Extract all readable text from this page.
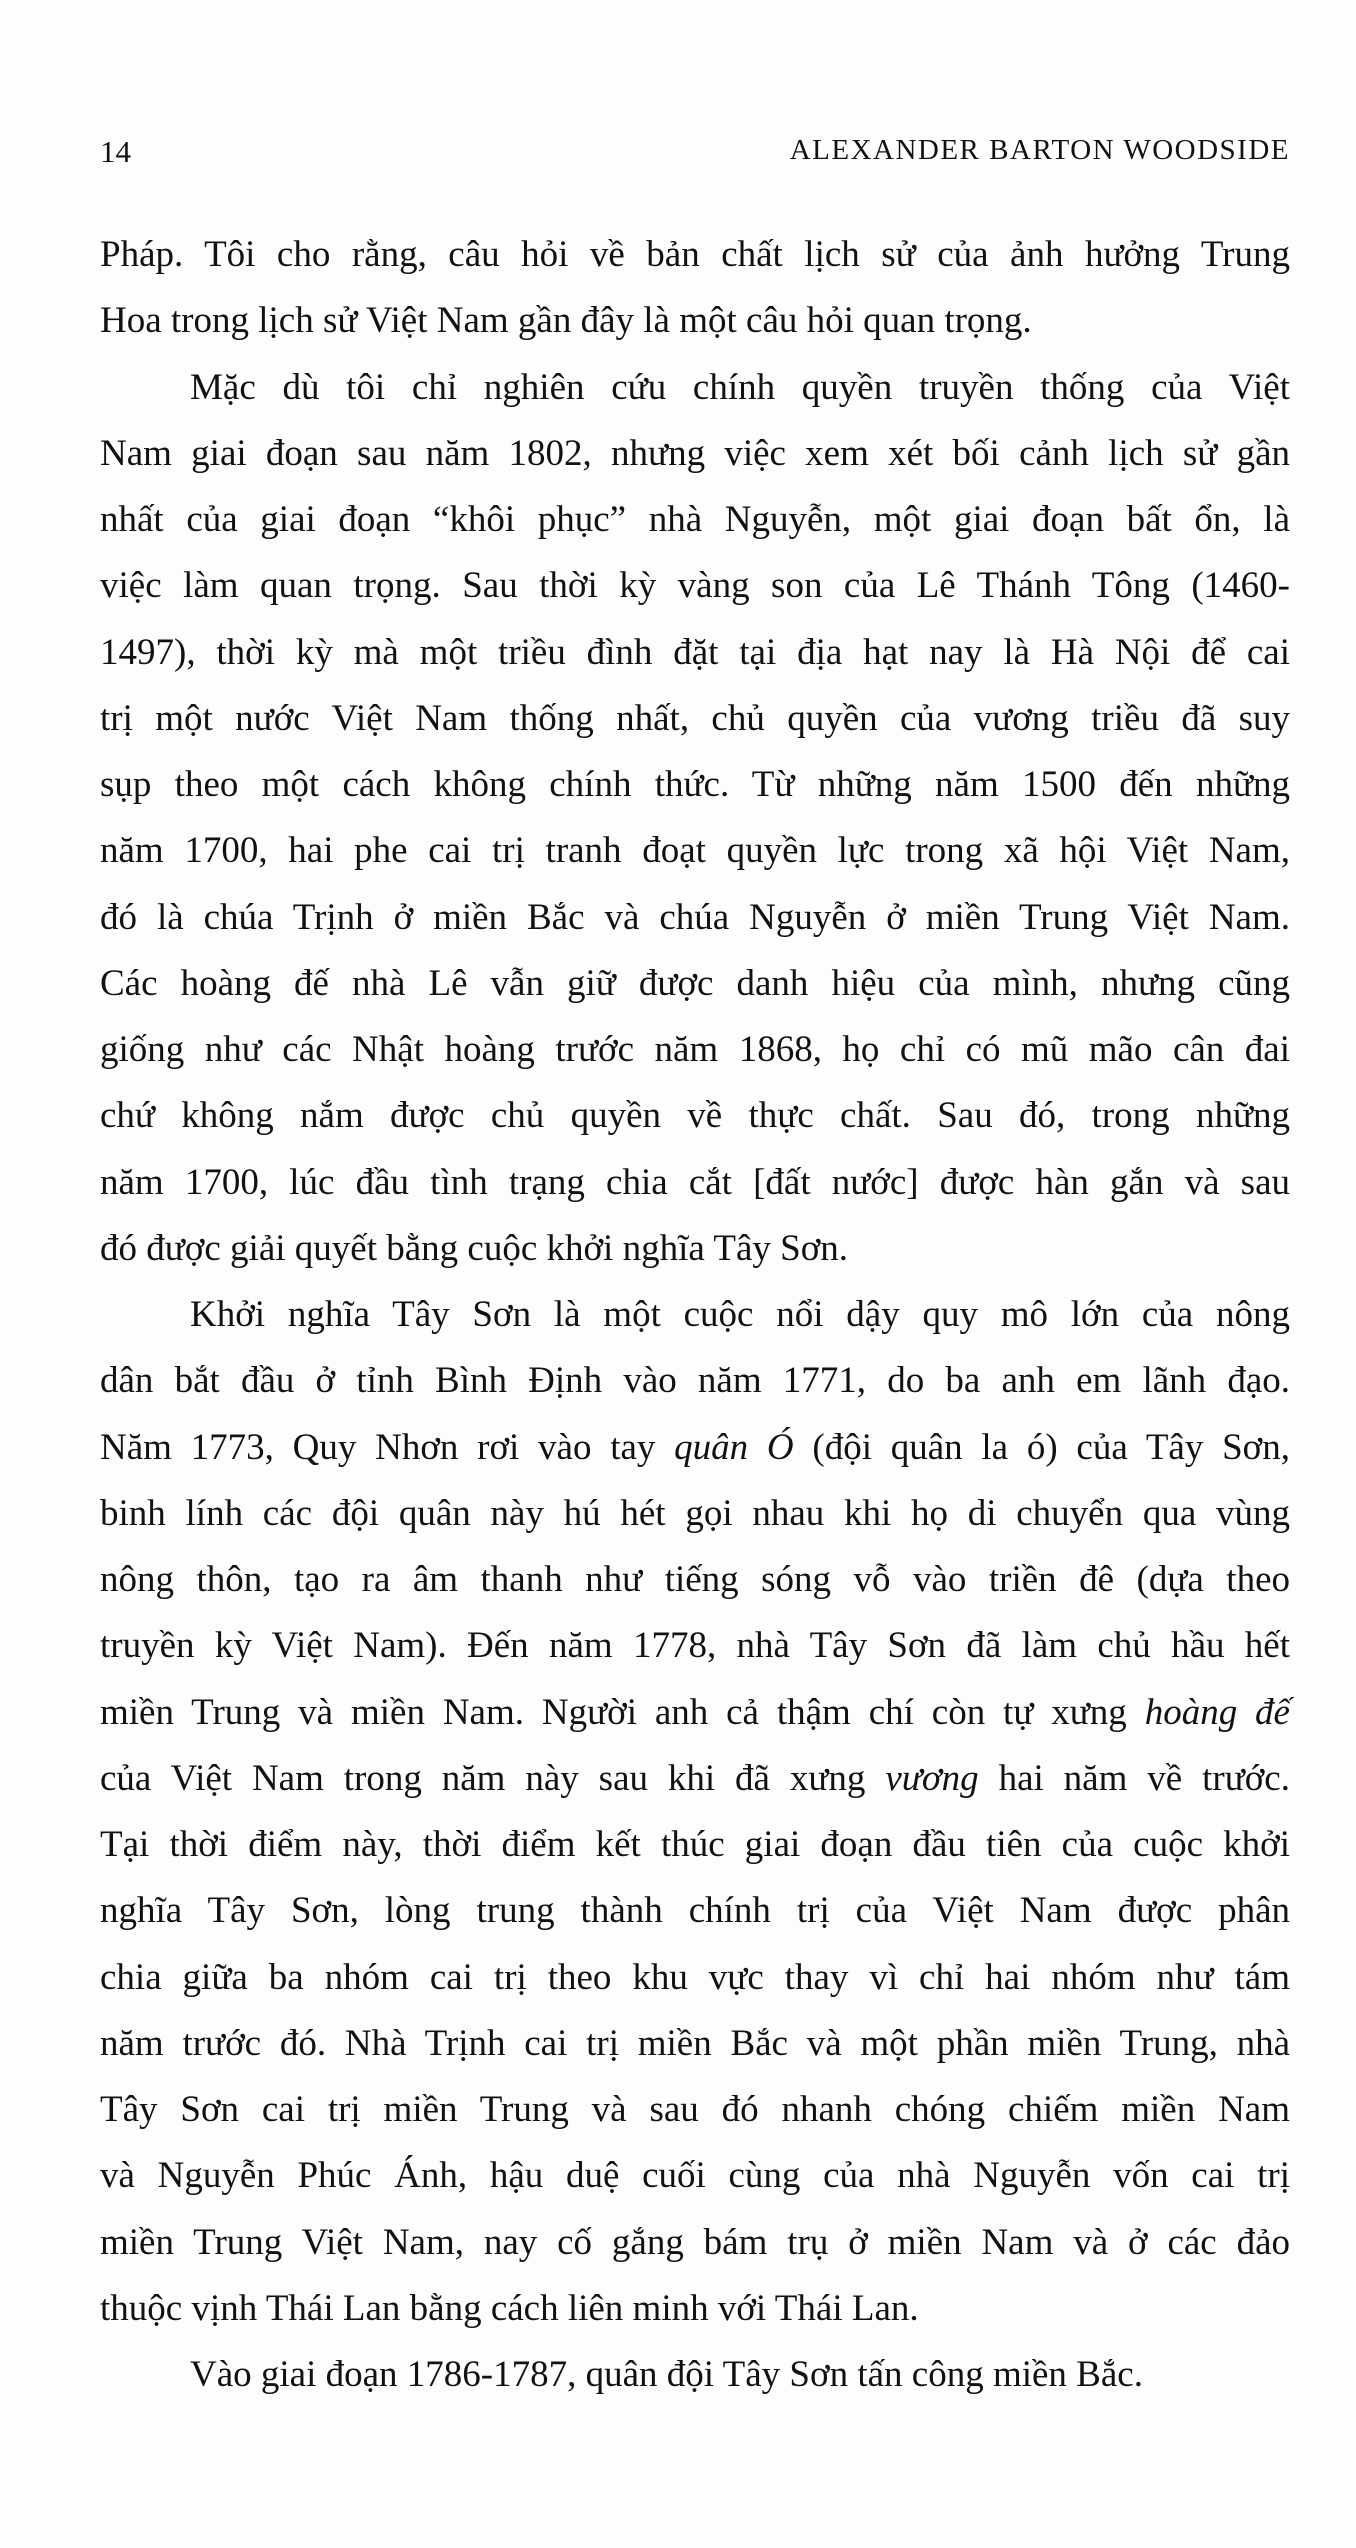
14	ALEXANDER BARTON WOODSIDE
Pháp. Tôi cho rằng, câu hỏi về bản chất lịch sử của ảnh hưởng Trung
Hoa trong lịch sử Việt Nam gần đây là một câu hỏi quan trọng.
Mặc dù tôi chỉ nghiên cứu chính quyền truyền thống của Việt
Nam giai đoạn sau năm 1802, nhưng việc xem xét bối cảnh lịch sử gần
nhất của giai đoạn “khôi phục” nhà Nguyễn, một giai đoạn bất ổn, là
việc làm quan trọng. Sau thời kỳ vàng son của Lê Thánh Tông (1460-
1497), thời kỳ mà một triều đình đặt tại địa hạt nay là Hà Nội để cai
trị một nước Việt Nam thống nhất, chủ quyền của vương triều đã suy
sụp theo một cách không chính thức. Từ những năm 1500 đến những
năm 1700, hai phe cai trị tranh đoạt quyền lực trong xã hội Việt Nam,
đó là chúa Trịnh ở miền Bắc và chúa Nguyễn ở miền Trung Việt Nam.
Các hoàng đế nhà Lê vẫn giữ được danh hiệu của mình, nhưng cũng
giống như các Nhật hoàng trước năm 1868, họ chỉ có mũ mão cân đai
chứ không nắm được chủ quyền về thực chất. Sau đó, trong những
năm 1700, lúc đầu tình trạng chia cắt [đất nước] được hàn gắn và sau
đó được giải quyết bằng cuộc khởi nghĩa Tây Sơn.
Khởi nghĩa Tây Sơn là một cuộc nổi dậy quy mô lớn của nông
dân bắt đầu ở tỉnh Bình Định vào năm 1771, do ba anh em lãnh đạo.
Năm 1773, Quy Nhơn rơi vào tay quân Ó (đội quân la ó) của Tây Sơn,
binh lính các đội quân này hú hét gọi nhau khi họ di chuyển qua vùng
nông thôn, tạo ra âm thanh như tiếng sóng vỗ vào triền đê (dựa theo
truyền kỳ Việt Nam). Đến năm 1778, nhà Tây Sơn đã làm chủ hầu hết
miền Trung và miền Nam. Người anh cả thậm chí còn tự xưng hoàng đế
của Việt Nam trong năm này sau khi đã xưng vương hai năm về trước.
Tại thời điểm này, thời điểm kết thúc giai đoạn đầu tiên của cuộc khởi
nghĩa Tây Sơn, lòng trung thành chính trị của Việt Nam được phân
chia giữa ba nhóm cai trị theo khu vực thay vì chỉ hai nhóm như tám
năm trước đó. Nhà Trịnh cai trị miền Bắc và một phần miền Trung, nhà
Tây Sơn cai trị miền Trung và sau đó nhanh chóng chiếm miền Nam
và Nguyễn Phúc Ánh, hậu duệ cuối cùng của nhà Nguyễn vốn cai trị
miền Trung Việt Nam, nay cố gắng bám trụ ở miền Nam và ở các đảo
thuộc vịnh Thái Lan bằng cách liên minh với Thái Lan.
Vào giai đoạn 1786-1787, quân đội Tây Sơn tấn công miền Bắc.
